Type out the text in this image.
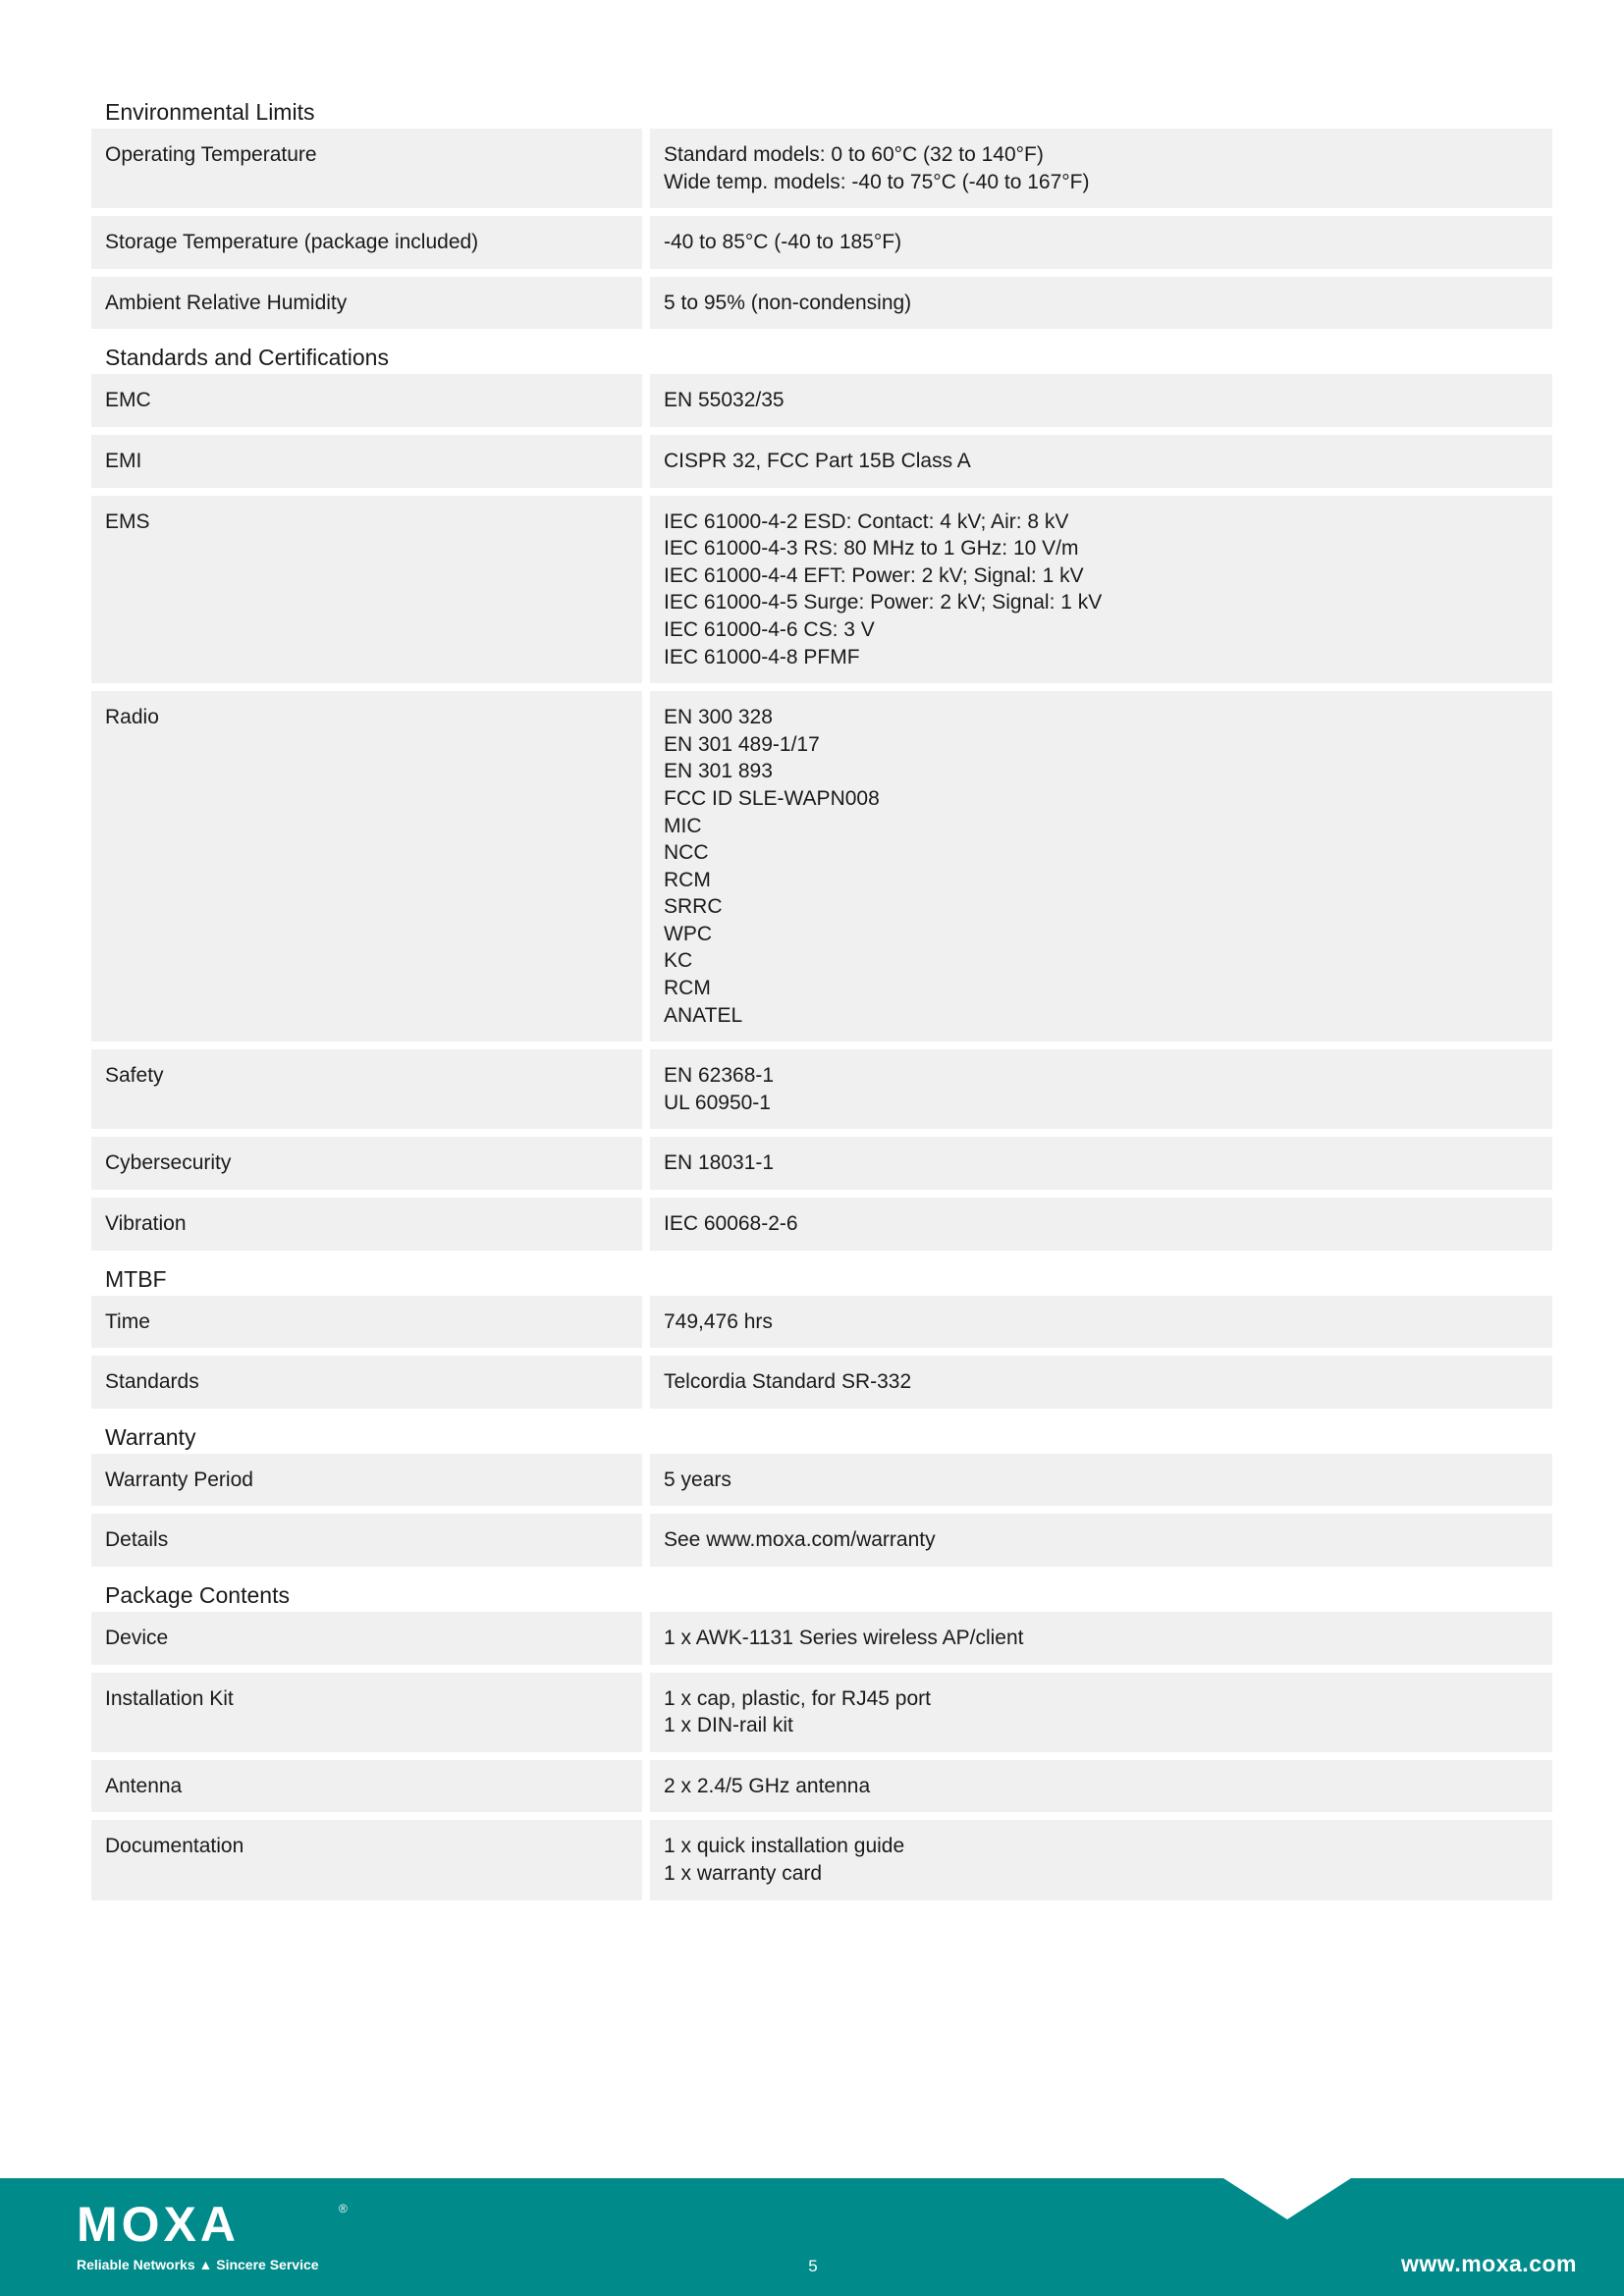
Environmental Limits
Operating Temperature	Standard models: 0 to 60°C (32 to 140°F)
Wide temp. models: -40 to 75°C (-40 to 167°F)
Storage Temperature (package included)	-40 to 85°C (-40 to 185°F)
Ambient Relative Humidity	5 to 95% (non-condensing)
Standards and Certifications
EMC	EN 55032/35
EMI	CISPR 32, FCC Part 15B Class A
EMS	IEC 61000-4-2 ESD: Contact: 4 kV; Air: 8 kV
IEC 61000-4-3 RS: 80 MHz to 1 GHz: 10 V/m
IEC 61000-4-4 EFT: Power: 2 kV; Signal: 1 kV
IEC 61000-4-5 Surge: Power: 2 kV; Signal: 1 kV
IEC 61000-4-6 CS: 3 V
IEC 61000-4-8 PFMF
Radio	EN 300 328
EN 301 489-1/17
EN 301 893
FCC ID SLE-WAPN008
MIC
NCC
RCM
SRRC
WPC
KC
RCM
ANATEL
Safety	EN 62368-1
UL 60950-1
Cybersecurity	EN 18031-1
Vibration	IEC 60068-2-6
MTBF
Time	749,476 hrs
Standards	Telcordia Standard SR-332
Warranty
Warranty Period	5 years
Details	See www.moxa.com/warranty
Package Contents
Device	1 x AWK-1131 Series wireless AP/client
Installation Kit	1 x cap, plastic, for RJ45 port
1 x DIN-rail kit
Antenna	2 x 2.4/5 GHz antenna
Documentation	1 x quick installation guide
1 x warranty card
MOXA	®
Reliable Networks ▲ Sincere Service	5	www.moxa.com
